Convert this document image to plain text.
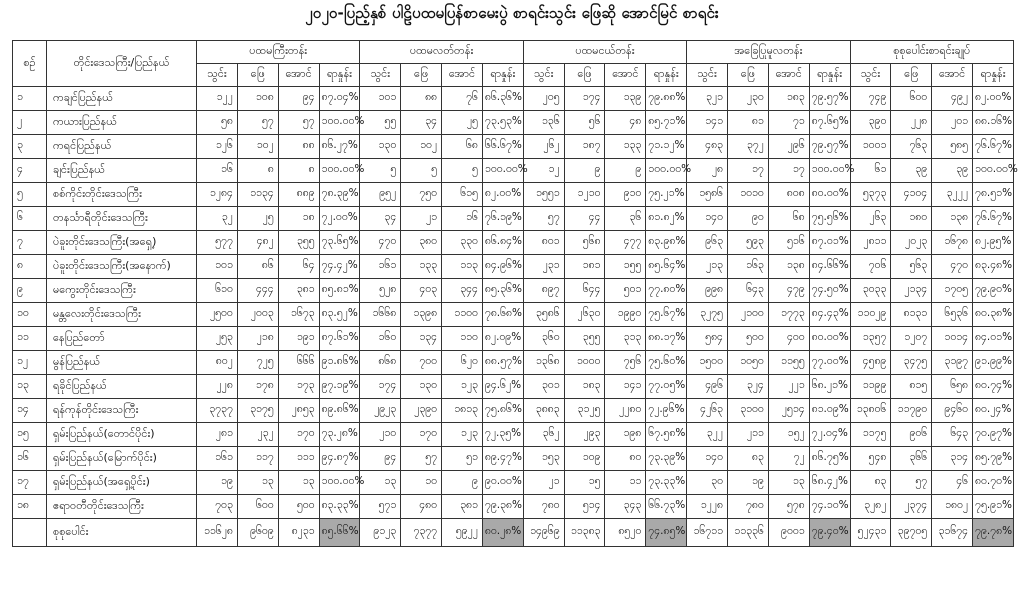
၂၀၂၀-ပြည့်နှစ် ပါဠိပထမပြန်စာမေးပွဲ စာရင်းသွင်း ဖြေဆို အောင်မြင် စာရင်း
စဉ်	တိုင်းဒေသကြီး/ပြည်နယ်	ပထမကြီးတန်း				ပထမလတ်တန်း				ပထမငယ်တန်း				အခြေပြုမူလတန်း				စုစုပေါင်းစာရင်းချုပ်			
		သွင်း	ဖြေ	အောင်	ရာနှုန်း	သွင်း	ဖြေ	အောင်	ရာနှုန်း	သွင်း	ဖြေ	အောင်	ရာနှုန်း	သွင်း	ဖြေ	အောင်	ရာနှုန်း	သွင်း	ဖြေ	အောင်	ရာနှုန်း
၁	ကချင်ပြည်နယ်	၁၂၂	၁၀၈	၉၄	၈၇.၀၄%	၁၀၁	၈၈	၇၆	၈၆.၃၆%	၂၀၅	၁၇၄	၁၃၉	၇၉.၈၈%	၃၂၁	၂၃၀	၁၈၃	၇၉.၅၇%	၇၄၉	၆၀၀	၄၉၂	၈၂.၀၀%
၂	ကယားပြည်နယ်	၅၈	၅၇	၅၇	၁၀၀.၀၀%	၅၅	၃၄	၂၅	၇၃.၅၃%	၁၃၆	၅၆	၄၈	၈၅.၇၁%	၁၄၁	၈၁	၇၁	၈၇.၆၅%	၃၉၀	၂၂၈	၂၀၁	၈၈.၁၆%
၃	ကရင်ပြည်နယ်	၁၂၆	၁၀၂	၈၈	၈၆.၂၇%	၁၃၀	၁၀၂	၆၈	၆၆.၆၇%	၂၆၂	၁၈၇	၁၃၃	၇၁.၁၂%	၄၈၃	၃၇၂	၂၉၆	၇၉.၅၇%	၁၀၀၁	၇၆၃	၅၈၅	၇၆.၆၇%
၄	ချင်းပြည်နယ်	၁၆	၈	၈	၁၀၀.၀၀%	၅	၅	၅	၁၀၀.၀၀%	၁၂	၉	၉	၁၀၀.၀၀%	၂၈	၁၇	၁၇	၁၀၀.၀၀%	၆၁	၃၉	၃၉	၁၀၀.၀၀%
၅	စစ်ကိုင်းတိုင်းဒေသကြီး	၁၂၈၄	၁၁၃၄	၈၈၉	၇၈.၃၉%	၉၅၂	၇၅၀	၆၁၅	၈၂.၀၀%	၁၅၅၁	၁၂၁၀	၉၁၀	၇၅.၂၁%	၁၅၈၆	၁၀၁၀	၈၀၈	၈၀.၀၀%	၅၃၇၃	၄၁၀၄	၃၂၂၂	၇၈.၅၁%
၆	တနင်္သာရီတိုင်းဒေသကြီး	၃၂	၂၅	၁၈	၇၂.၀၀%	၃၄	၂၁	၁၆	၇၆.၁၉%	၅၇	၄၄	၃၆	၈၁.၈၂%	၁၄၀	၉၀	၆၈	၇၅.၅၆%	၂၆၃	၁၈၀	၁၃၈	၇၆.၆၇%
၇	ပဲခူးတိုင်းဒေသကြီး(အရှေ့)	၅၇၇	၄၈၂	၃၅၅	၇၃.၆၅%	၄၇၀	၃၈၀	၃၃၀	၈၆.၈၄%	၈၀၁	၅၆၈	၄၇၇	၈၃.၉၈%	၉၆၃	၅၉၃	၅၁၆	၈၇.၀၁%	၂၈၁၁	၂၀၂၃	၁၆၇၈	၈၂.၉၅%
၈	ပဲခူးတိုင်းဒေသကြီး(အနောက်)	၁၀၁	၈၆	၆၄	၇၄.၄၂%	၁၆၁	၁၃၃	၁၁၃	၈၄.၉၆%	၂၃၁	၁၈၁	၁၅၅	၈၅.၆၄%	၂၁၃	၁၆၃	၁၃၈	၈၄.၆၆%	၇၀၆	၅၆၃	၄၇၀	၈၃.၄၈%
၉	မကွေးတိုင်းဒေသကြီး	၆၁၀	၄၄၄	၃၈၁	၈၅.၈၁%	၅၂၈	၄၀၃	၃၄၄	၈၅.၃၆%	၈၉၇	၆၄၄	၅၀၁	၇၇.၈၀%	၉၉၈	၆၄၃	၄၇၉	၇၄.၅၀%	၃၀၃၃	၂၁၃၄	၁၇၀၅	၇၉.၉၀%
၁၀	မန္တလေးတိုင်းဒေသကြီး	၂၅၀၀	၂၀၀၃	၁၆၇၃	၈၃.၅၂%	၁၆၆၈	၁၃၉၈	၁၁၀၀	၇၈.၆၈%	၃၅၈၆	၂၆၃၀	၁၉၉၀	၇၅.၆၇%	၃၂၇၅	၂၁၀၀	၁၇၇၃	၈၄.၄၃%	၁၁၀၂၉	၈၁၃၁	၆၅၃၆	၈၀.၃၈%
၁၁	နေပြည်တော်	၂၅၃	၂၁၈	၁၉၁	၈၇.၆၁%	၁၆၀	၁၃၄	၁၁၀	၈၂.၀၉%	၃၆၀	၃၅၅	၃၁၃	၈၈.၁၇%	၅၈၄	၅၀၀	၄၀၀	၈၀.၀၀%	၁၃၅၇	၁၂၀၇	၁၀၁၄	၈၄.၀၁%
၁၂	မွန်ပြည်နယ်	၈၀၂	၇၂၅	၆၆၆	၉၁.၈၆%	၈၆၈	၇၀၀	၆၂၀	၈၈.၅၇%	၁၃၆၈	၁၀၀၀	၇၅၆	၇၅.၆၀%	၁၅၀၀	၁၀၅၀	၁၁၅၅	၇၇.၀၀%	၄၅၈၉	၃၄၇၅	၃၁၉၇	၉၁.၉၉%
၁၃	ရခိုင်ပြည်နယ်	၂၂၈	၁၇၈	၁၇၃	၉၇.၁၉%	၁၇၄	၁၃၀	၁၂၃	၉၄.၆၂%	၃၀၁	၁၈၃	၁၄၁	၇၇.၀၅%	၄၉၆	၃၂၄	၂၂၁	၆၈.၂၁%	၁၁၉၉	၈၁၅	၆၅၈	၈၀.၇၄%
၁၄	ရန်ကုန်တိုင်းဒေသကြီး	၃၇၃၇	၃၁၇၅	၂၈၅၃	၈၉.၈၆%	၂၉၂၃	၂၃၉၀	၁၈၁၃	၇၅.၈၆%	၃၈၈၃	၃၁၂၅	၂၂၈၀	၇၂.၉၆%	၄၂၆၃	၃၁၀၀	၂၅၁၄	၈၁.၀၉%	၁၃၈၀၆	၁၁၇၉၀	၉၄၆၀	၈၀.၂၄%
၁၅	ရှမ်းပြည်နယ်(တောင်ပိုင်း)	၂၈၁	၂၃၂	၁၇၀	၇၃.၂၈%	၂၁၀	၁၇၀	၁၂၃	၇၂.၃၅%	၃၆၂	၂၉၃	၁၉၈	၆၇.၅၈%	၃၂၂	၂၁၁	၁၅၂	၇၂.၀၄%	၁၁၇၅	၉၀၆	၆၄၃	၇၀.၉၇%
၁၆	ရှမ်းပြည်နယ်(မြောက်ပိုင်း)	၁၆၁	၁၁၇	၁၁၁	၉၄.၈၇%	၉၄	၅၇	၅၁	၈၉.၄၇%	၁၅၃	၁၀၉	၈၀	၇၃.၃၉%	၁၄၀	၈၃	၇၂	၈၆.၇၅%	၅၄၈	၃၆၆	၃၁၄	၈၅.၇၉%
၁၇	ရှမ်းပြည်နယ်(အရှေ့ပိုင်း)	၁၉	၁၃	၁၃	၁၀၀.၀၀%	၁၃	၁၀	၉	၉၀.၀၀%	၂၁	၁၅	၁၁	၇၃.၃၃%	၃၀	၁၉	၁၃	၆၈.၄၂%	၈၃	၅၇	၄၆	၈၀.၇၀%
၁၈	ဧရာဝတီတိုင်းဒေသကြီး	၇၀၃	၆၀၀	၅၀၀	၈၃.၃၃%	၅၇၁	၄၈၀	၃၈၁	၇၉.၃၈%	၇၈၀	၅၁၄	၃၄၃	၆၆.၇၃%	၁၂၂၈	၇၈၀	၅၇၈	၇၄.၁၀%	၃၂၈၂	၂၃၇၄	၁၈၀၂	၇၅.၉၁%
	စုစုပေါင်း	၁၁၆၂၈	၉၆၀၉	၈၂၃၁	၈၅.၆၆%	၉၁၂၃	၇၃၇၇	၅၉၂၂	၈၀.၂၈%	၁၄၉၆၉	၁၁၃၈၃	၈၅၂၀	၇၄.၈၅%	၁၆၇၁၁	၁၁၃၃၆	၉၀၀၁	၇၉.၄၀%	၅၂၄၃၁	၃၉၇၀၅	၃၁၆၇၄	၇၉.၇၈%
